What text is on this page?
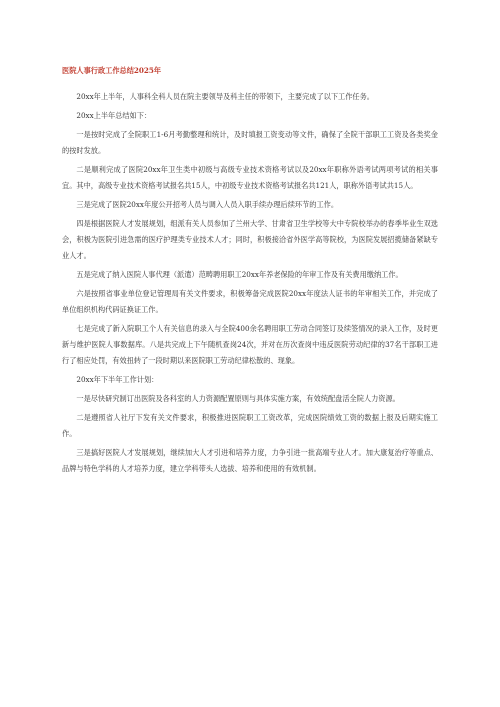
医院人事行政工作总结2025年

20xx年上半年，人事科全科人员在院主要领导及科主任的带领下，主要完成了以下工作任务。

20xx上半年总结如下：

一是按时完成了全院职工1-6月考勤整理和统计，及时填报工资变动等文件，确保了全院干部职工工资及各类奖金的按时发放。

二是顺利完成了医院20xx年卫生类中初级与高级专业技术资格考试以及20xx年职称外语考试两项考试的相关事宜。其中，高级专业技术资格考试报名共15人，中初级专业技术资格考试报名共121人，职称外语考试共15人。

三是完成了医院20xx年度公开招考人员与调入人员入职手续办理后续环节的工作。

四是根据医院人才发展规划，组派有关人员参加了兰州大学、甘肃省卫生学校等大中专院校举办的春季毕业生双选会，积极为医院引进急需的医疗护理类专业技术人才；同时，积极接洽省外医学高等院校，为医院发展招揽储备紧缺专业人才。

五是完成了纳入医院人事代理（派遣）范畴聘用职工20xx年养老保险的年审工作及有关费用缴纳工作。

六是按照省事业单位登记管理局有关文件要求，积极筹备完成医院20xx年度法人证书的年审相关工作，并完成了单位组织机构代码证换证工作。

七是完成了新入院职工个人有关信息的录入与全院400余名聘用职工劳动合同签订及续签情况的录入工作，及时更新与维护医院人事数据库。八是共完成上下午随机查岗24次，并对在历次查岗中违反医院劳动纪律的37名干部职工进行了相应处罚，有效扭转了一段时期以来医院职工劳动纪律松散的、现象。

20xx年下半年工作计划：

一是尽快研究制订出医院及各科室的人力资源配置原则与具体实施方案，有效统配盘活全院人力资源。

二是遵照省人社厅下发有关文件要求，积极推进医院职工工资改革，完成医院绩效工资的数据上报及后期实施工作。

三是搞好医院人才发展规划，继续加大人才引进和培养力度，力争引进一批高端专业人才。加大康复治疗等重点、品牌与特色学科的人才培养力度，建立学科带头人选拔、培养和使用的有效机制。
